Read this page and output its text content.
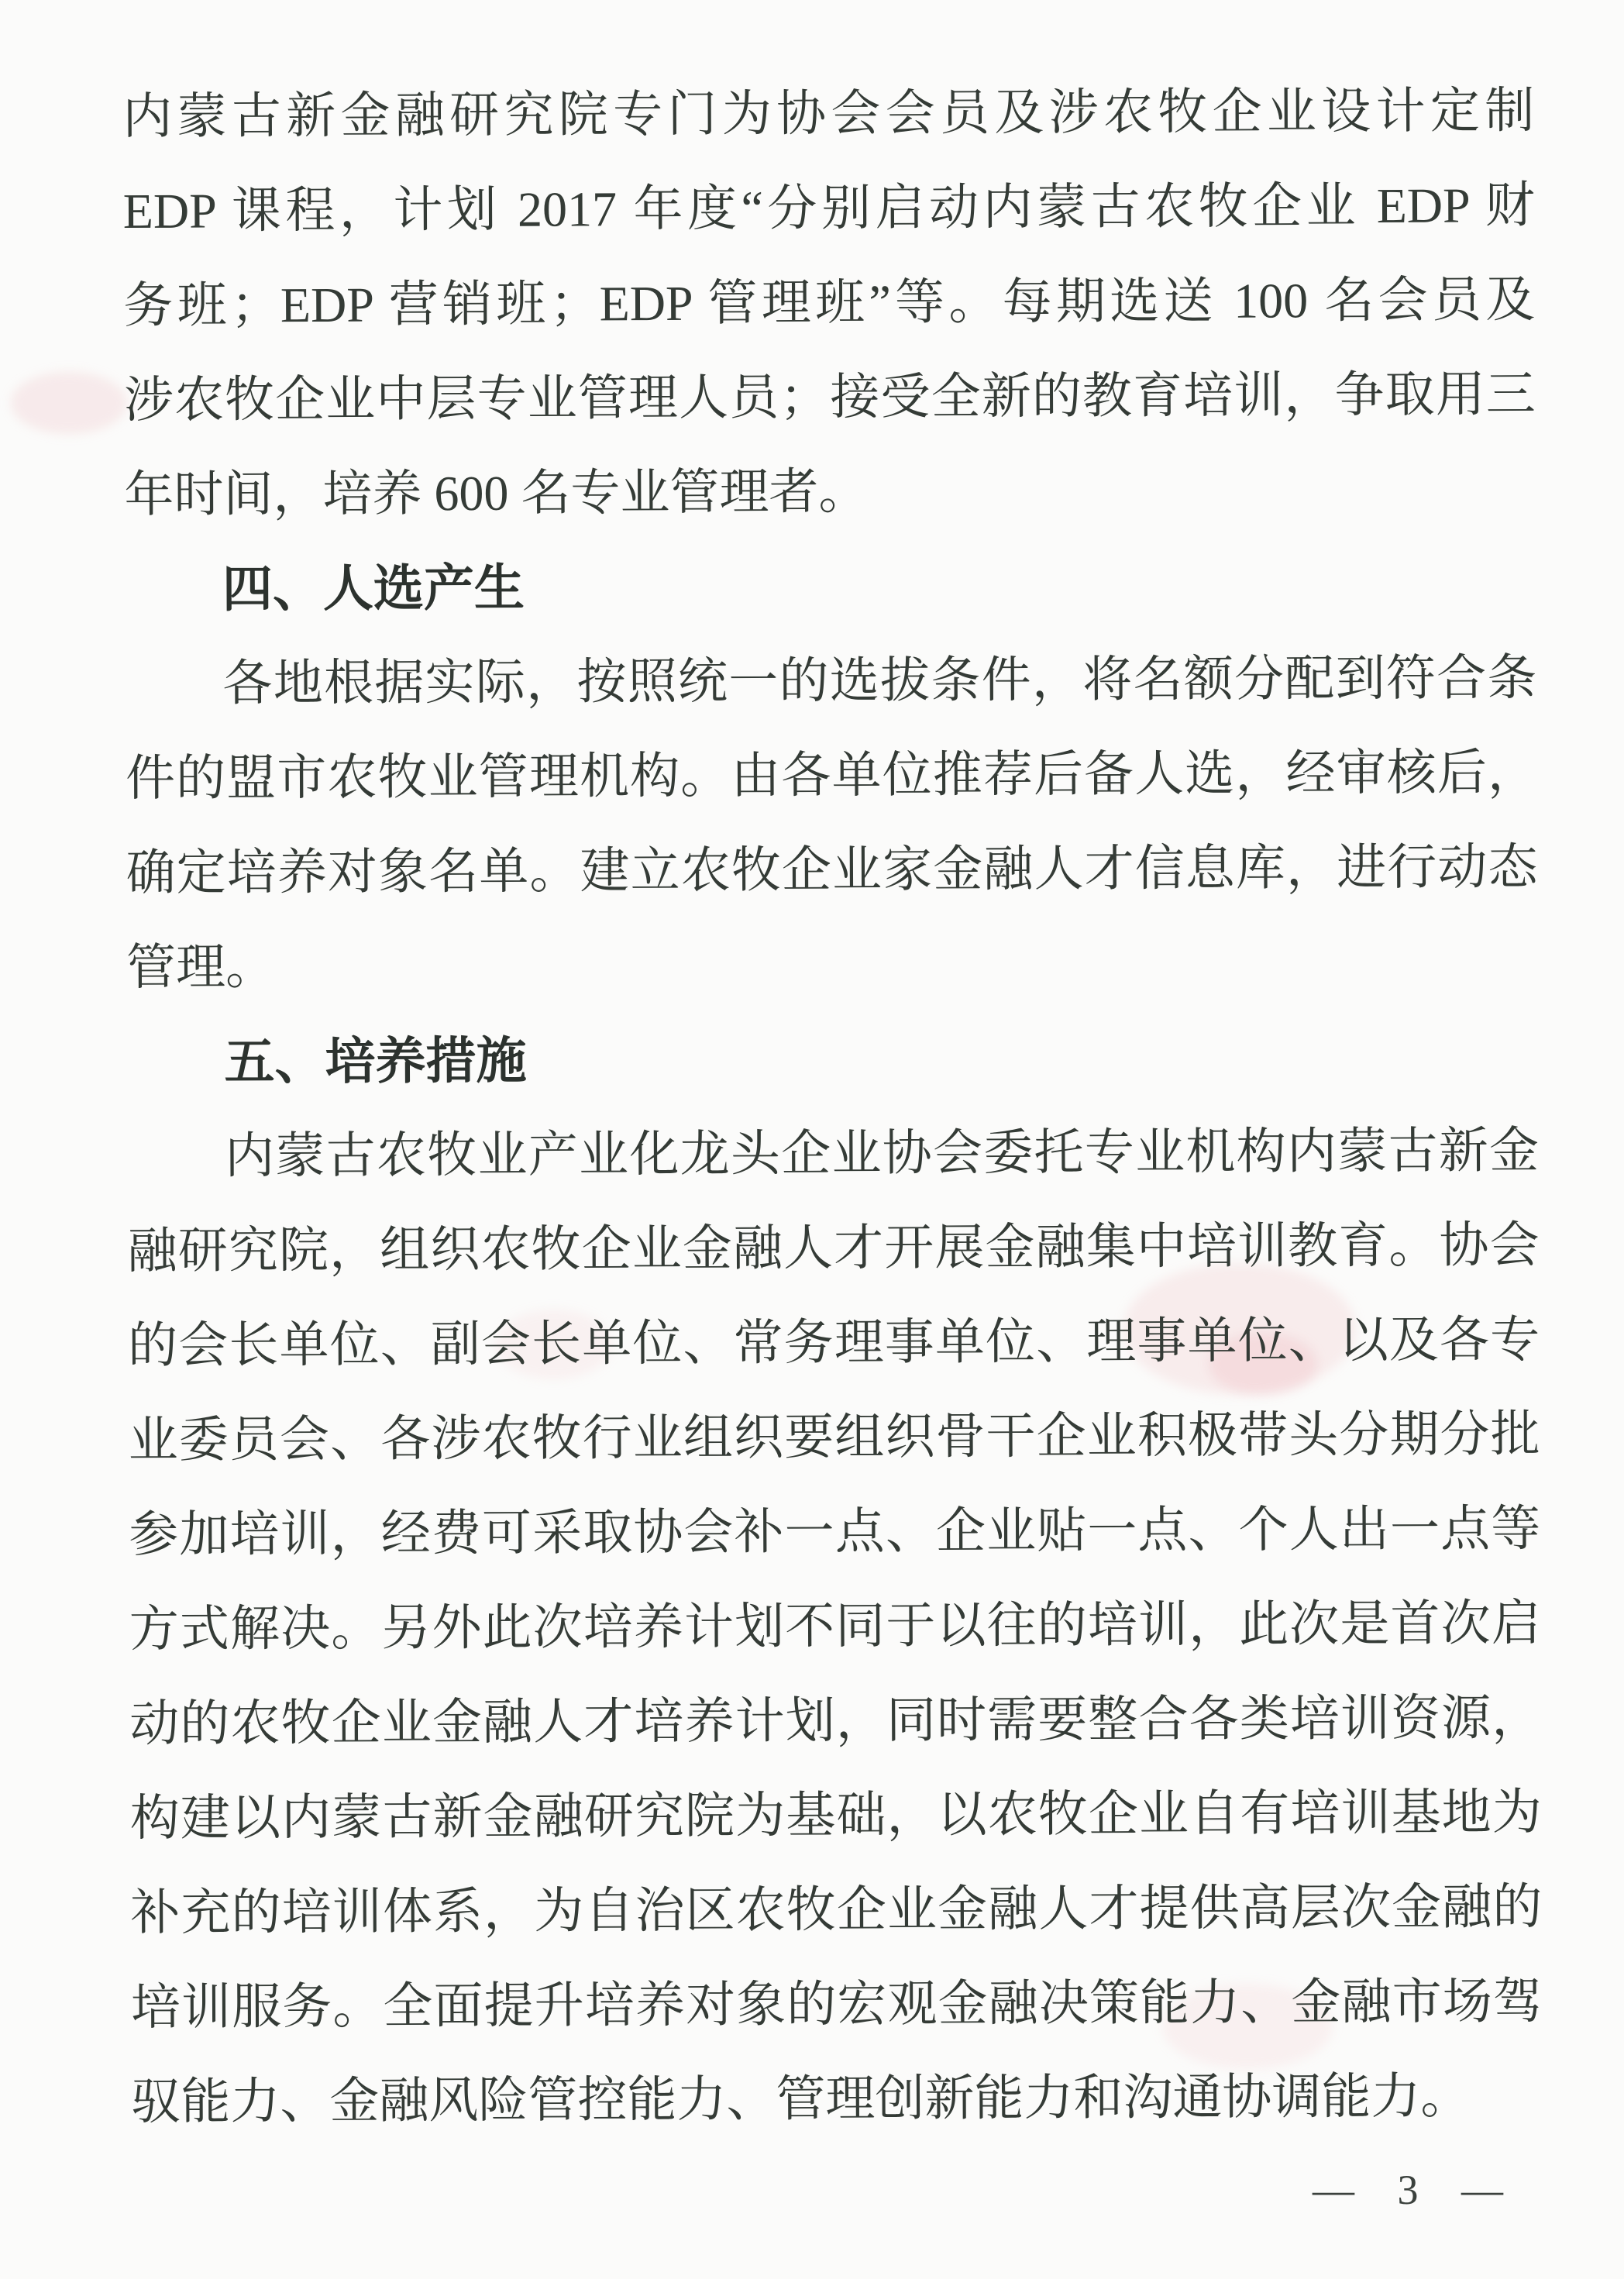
内蒙古新金融研究院专门为协会会员及涉农牧企业设计定制
EDP 课程，计划 2017 年度“分别启动内蒙古农牧企业 EDP 财
务班；EDP 营销班；EDP 管理班”等。每期选送 100 名会员及
涉农牧企业中层专业管理人员；接受全新的教育培训，争取用三
年时间，培养 600 名专业管理者。
四、人选产生
各地根据实际，按照统一的选拔条件，将名额分配到符合条
件的盟市农牧业管理机构。由各单位推荐后备人选，经审核后，
确定培养对象名单。建立农牧企业家金融人才信息库，进行动态
管理。
五、培养措施
内蒙古农牧业产业化龙头企业协会委托专业机构内蒙古新金
融研究院，组织农牧企业金融人才开展金融集中培训教育。协会
的会长单位、副会长单位、常务理事单位、理事单位、以及各专
业委员会、各涉农牧行业组织要组织骨干企业积极带头分期分批
参加培训，经费可采取协会补一点、企业贴一点、个人出一点等
方式解决。另外此次培养计划不同于以往的培训，此次是首次启
动的农牧企业金融人才培养计划，同时需要整合各类培训资源，
构建以内蒙古新金融研究院为基础，以农牧企业自有培训基地为
补充的培训体系，为自治区农牧企业金融人才提供高层次金融的
培训服务。全面提升培养对象的宏观金融决策能力、金融市场驾
驭能力、金融风险管控能力、管理创新能力和沟通协调能力。
— 3 —
